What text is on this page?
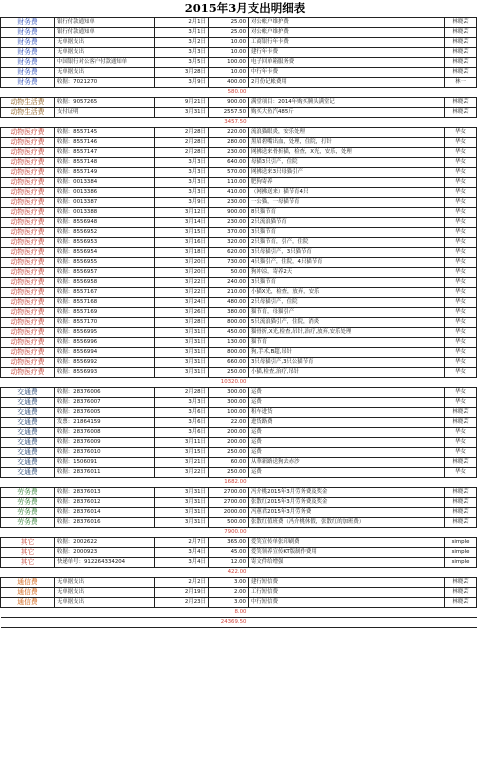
2015年3月支出明细表
财务费	银行付款通知单	2月1日	25.00	对公帐户维护费	林晓芸
财务费	银行付款通知单	3月1日	25.00	对公帐户维护费	林晓芸
财务费	无单据支出	3月2日	10.00	工商银行年卡费	林晓芸
财务费	无单据支出	3月3日	10.00	建行年卡费	林晓芸
财务费	中国银行对公客户付款通知单	3月5日	100.00	电子回单箱服务费	林晓芸
财务费	无单据支出	3月28日	10.00	中行年卡费	林晓芸
财务费	收据：7021270	3月9日	400.00	2月份记帐费用	林一
			580.00		
动物生活费	收据：9057265	9月21日	900.00	满堂项目：2014年购买腾头满堂记	林晓芸
动物生活费	支付证明	3月31日	2557.50	购买大鱼汽485斤	林晓芸
			3457.50		
动物医疗费	收据：8557145	2月28日	220.00	流浪猫眼炎，安乐处理	华女
动物医疗费	收据：8557146	2月28日	280.00	黑眉碧嘴出血，处理，住院，打针	华女
动物医疗费	收据：8557147	2月28日	230.00	网拂送来骨折猫，检查，X光，安乐，处理	华女
动物医疗费	收据：8557148	3月3日	640.00	母猫3只引产，住院	华女
动物医疗费	收据：8557149	3月3日	570.00	网拂送来3只母猫引产	华女
动物医疗费	收据：0013384	3月3日	110.00	肥狗寄养	华女
动物医疗费	收据：0013386	3月3日	410.00	（网拂送来）猫节育4只	华女
动物医疗费	收据：0013387	3月9日	230.00	一公猫，一母猫节育	华女
动物医疗费	收据：0013388	3月12日	900.00	8只猫节育	华女
动物医疗费	收据：8556948	3月14日	230.00	2只流浪猫节育	华女
动物医疗费	收据：8556952	3月15日	370.00	3只猫节育	华女
动物医疗费	收据：8556953	3月16日	320.00	2只猫节育，引产，住院	华女
动物医疗费	收据：8556954	3月18日	620.00	3只母猫引产，3只猫节育	华女
动物医疗费	收据：8556955	3月20日	730.00	4只猫引产，住院，4只猫节育	华女
动物医疗费	收据：8556957	3月20日	50.00	狗冲凉，寄养2天	华女
动物医疗费	收据：8556958	3月22日	240.00	3只猫节育	华女
动物医疗费	收据：8557167	3月22日	210.00	小猫X光，检查，放弃，安乐	华女
动物医疗费	收据：8557168	3月24日	480.00	2只母猫引产，住院	华女
动物医疗费	收据：8557169	3月26日	380.00	猫节育，母猫引产	华女
动物医疗费	收据：8557170	3月28日	800.00	5只流浪猫引产，住院，消炎	华女
动物医疗费	收据：8556995	3月31日	450.00	猫骨折,X光,检查,吊针,治疗,放弃,安乐处理	华女
动物医疗费	收据：8556996	3月31日	130.00	猫节育	华女
动物医疗费	收据：8556994	3月31日	800.00	狗,手术,B超,吊针	华女
动物医疗费	收据：8556992	3月31日	660.00	3只母猫引产,3只公猫节育	华女
动物医疗费	收据：8556993	3月31日	250.00	小猫,检查,治疗,吊针	华女
			10320.00		
交通费	收据：28376006	2月28日	300.00	运费	华女
交通费	收据：28376007	3月3日	300.00	运费	华女
交通费	收据：28376005	3月6日	100.00	租车进货	林晓芸
交通费	发票：21864159	3月6日	22.00	进货路费	林晓芸
交通费	收据：28376008	3月6日	200.00	运费	华女
交通费	收据：28376009	3月11日	200.00	运费	华女
交通费	收据：28376010	3月15日	250.00	运费	华女
交通费	收据：1506091	3月21日	60.00	从華新路送狗去赤沙	林晓芸
交通费	收据：28376011	3月22日	250.00	运费	华女
			1682.00		
劳务费	收据：28376013	3月31日	2700.00	冯介桃2015年3月劳务费及奖金	林晓芸
劳务费	收据：28376012	3月31日	2700.00	张散红2015年3月劳务费及奖金	林晓芸
劳务费	收据：28376014	3月31日	2000.00	冯蕙君2015年3月劳务费	林晓芸
劳务费	收据：28376016	3月31日	500.00	张散红值班费（冯介桃休假，张散红的加班费）	林晓芸
			7900.00		
其它	收据：2002622	2月7日	365.00	爱笑宣传单张印刷费	simple
其它	收据：2000923	3月4日	45.00	爱笑领养宣传KT版制作费用	simple
其它	快递单号：912264334204	3月4日	12.00	寄文件给增强	simple
			422.00		
通信费	无单据支出	2月2日	3.00	建行短信费	林晓芸
通信费	无单据支出	2月19日	2.00	工行短信费	林晓芸
通信费	无单据支出	2月23日	3.00	中行短信费	林晓芸
			8.00		
			24369.50		
